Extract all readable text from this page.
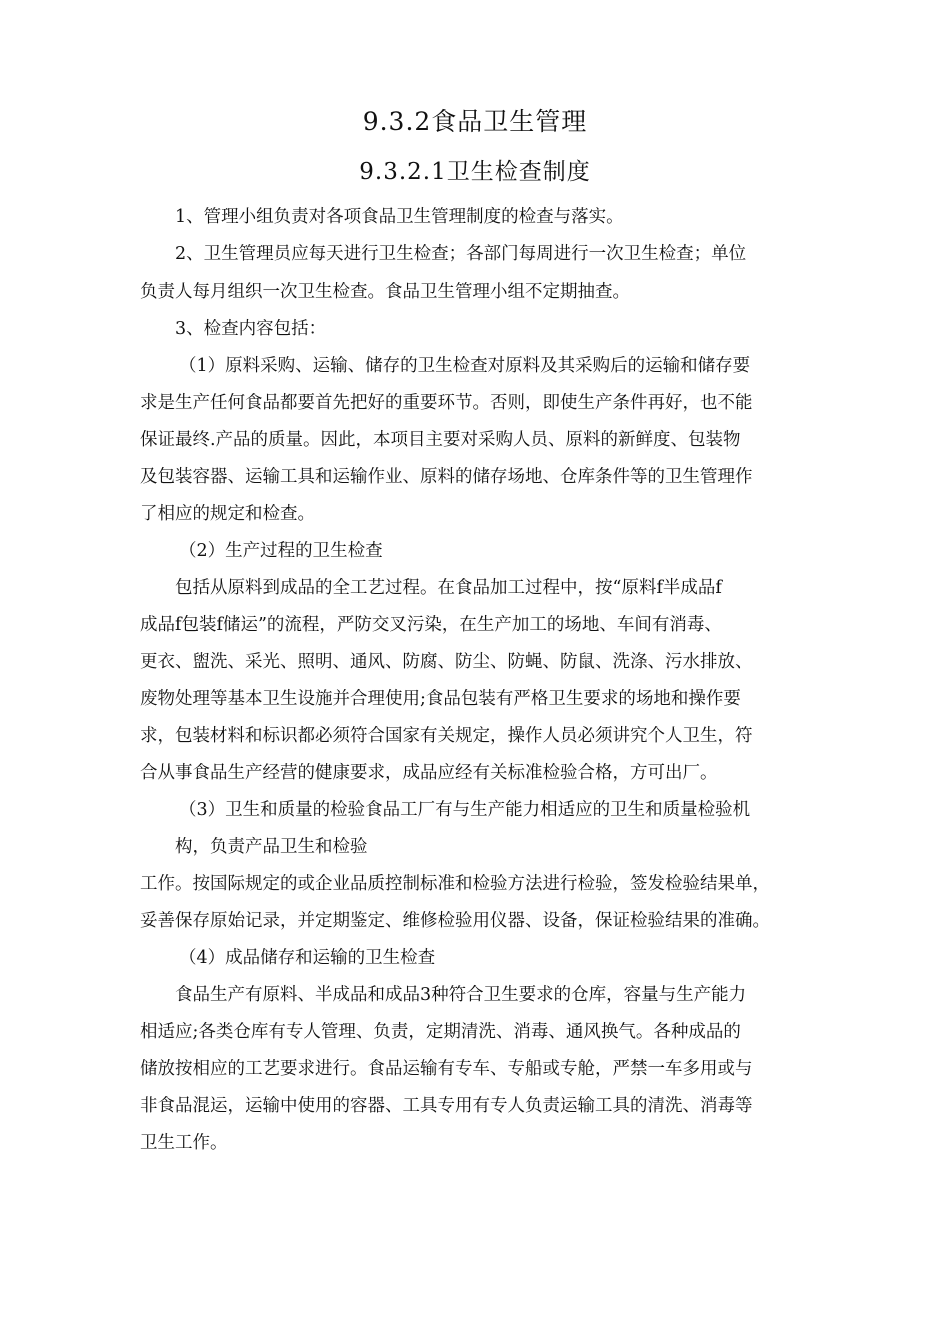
9.3.2食品卫生管理
9.3.2.1卫生检查制度
1、管理小组负责对各项食品卫生管理制度的检查与落实。
2、卫生管理员应每天进行卫生检查；各部门每周进行一次卫生检查；单位
负责人每月组织一次卫生检查。食品卫生管理小组不定期抽查。
3、检查内容包括：
（1）原料采购、运输、储存的卫生检查对原料及其采购后的运输和储存要
求是生产任何食品都要首先把好的重要环节。否则，即使生产条件再好，也不能
保证最终.产品的质量。因此，本项目主要对采购人员、原料的新鲜度、包装物
及包装容器、运输工具和运输作业、原料的储存场地、仓库条件等的卫生管理作
了相应的规定和检查。
（2）生产过程的卫生检查
包括从原料到成品的全工艺过程。在食品加工过程中，按“原料f半成品f
成品f包装f储运”的流程，严防交叉污染，在生产加工的场地、车间有消毒、
更衣、盥洗、采光、照明、通风、防腐、防尘、防蝇、防鼠、洗涤、污水排放、
废物处理等基本卫生设施并合理使用;食品包装有严格卫生要求的场地和操作要
求，包装材料和标识都必须符合国家有关规定，操作人员必须讲究个人卫生，符
合从事食品生产经营的健康要求，成品应经有关标准检验合格，方可出厂。
（3）卫生和质量的检验食品工厂有与生产能力相适应的卫生和质量检验机
构，负责产品卫生和检验
工作。按国际规定的或企业品质控制标准和检验方法进行检验，签发检验结果单，
妥善保存原始记录，并定期鉴定、维修检验用仪器、设备，保证检验结果的准确。
（4）成品储存和运输的卫生检查
食品生产有原料、半成品和成品3种符合卫生要求的仓库，容量与生产能力
相适应;各类仓库有专人管理、负责，定期清洗、消毒、通风换气。各种成品的
储放按相应的工艺要求进行。食品运输有专车、专船或专舱，严禁一车多用或与
非食品混运，运输中使用的容器、工具专用有专人负责运输工具的清洗、消毒等
卫生工作。
